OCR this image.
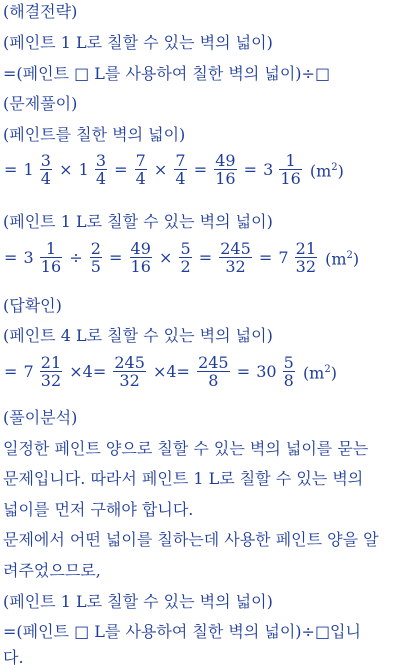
(해결전략)
(페인트 1 L로 칠할 수 있는 벽의 넓이)
=(페인트 □ L를 사용하여 칠한 벽의 넓이)÷□
(문제풀이)
(페인트를 칠한 벽의 넓이)
= $1 \frac{3}{4} \times 1 \frac{3}{4} = \frac{7}{4} \times \frac{7}{4} = \frac{49}{16} = 3 \frac{1}{16} (m^2)$
(페인트 1 L로 칠할 수 있는 벽의 넓이)
= $3 \frac{1}{16} \div \frac{2}{5} = \frac{49}{16} \times \frac{5}{2} = \frac{245}{32} = 7 \frac{21}{32} (m^2)$
(답확인)
(페인트 4 L로 칠할 수 있는 벽의 넓이)
= $7 \frac{21}{32} \times 4= \frac{245}{32} \times 4= \frac{245}{8} = 30 \frac{5}{8} (m^2)$
(풀이분석)
일정한 페인트 양으로 칠할 수 있는 벽의 넓이를 묻는
문제입니다. 따라서 페인트 1 L로 칠할 수 있는 벽의
넓이를 먼저 구해야 합니다.
문제에서 어떤 넓이를 칠하는데 사용한 페인트 양을 알
려주었으므로,
(페인트 1 L로 칠할 수 있는 벽의 넓이)
=(페인트 □ L를 사용하여 칠한 벽의 넓이)÷□입니
다.
